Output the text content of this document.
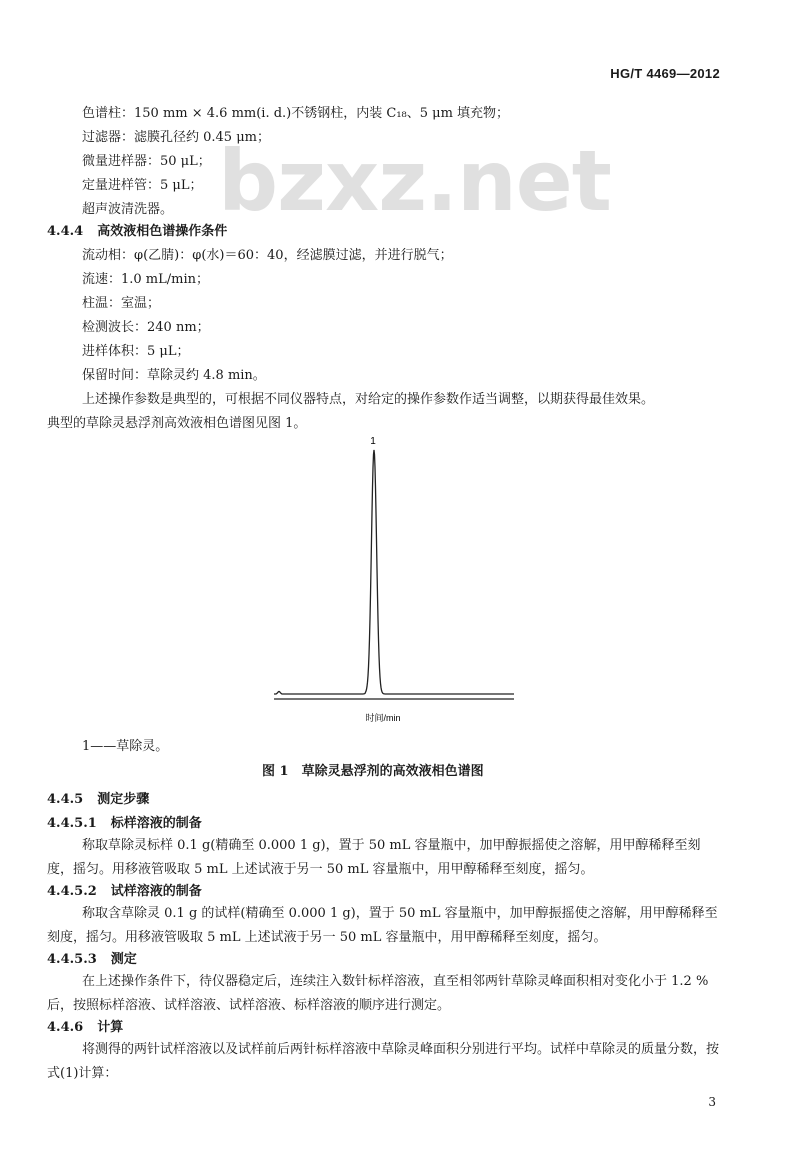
HG/T 4469—2012
bzxz.net
色谱柱：150 mm × 4.6 mm(i. d.)不锈钢柱，内装 C₁₈、5 μm 填充物；
过滤器：滤膜孔径约 0.45 μm；
微量进样器：50 μL；
定量进样管：5 μL；
超声波清洗器。
4.4.4 高效液相色谱操作条件
流动相：φ(乙腈)：φ(水)＝60：40，经滤膜过滤，并进行脱气；
流速：1.0 mL/min；
柱温：室温；
检测波长：240 nm；
进样体积：5 μL；
保留时间：草除灵约 4.8 min。
上述操作参数是典型的，可根据不同仪器特点，对给定的操作参数作适当调整，以期获得最佳效果。
典型的草除灵悬浮剂高效液相色谱图见图 1。
1
时间/min
1——草除灵。
图 1　草除灵悬浮剂的高效液相色谱图
4.4.5 测定步骤
4.4.5.1 标样溶液的制备
称取草除灵标样 0.1 g(精确至 0.000 1 g)，置于 50 mL 容量瓶中，加甲醇振摇使之溶解，用甲醇稀释至刻度，摇匀。用移液管吸取 5 mL 上述试液于另一 50 mL 容量瓶中，用甲醇稀释至刻度，摇匀。
4.4.5.2 试样溶液的制备
称取含草除灵 0.1 g 的试样(精确至 0.000 1 g)，置于 50 mL 容量瓶中，加甲醇振摇使之溶解，用甲醇稀释至刻度，摇匀。用移液管吸取 5 mL 上述试液于另一 50 mL 容量瓶中，用甲醇稀释至刻度，摇匀。
4.4.5.3 测定
在上述操作条件下，待仪器稳定后，连续注入数针标样溶液，直至相邻两针草除灵峰面积相对变化小于 1.2 %后，按照标样溶液、试样溶液、试样溶液、标样溶液的顺序进行测定。
4.4.6 计算
将测得的两针试样溶液以及试样前后两针标样溶液中草除灵峰面积分别进行平均。试样中草除灵的质量分数，按式(1)计算：
3
